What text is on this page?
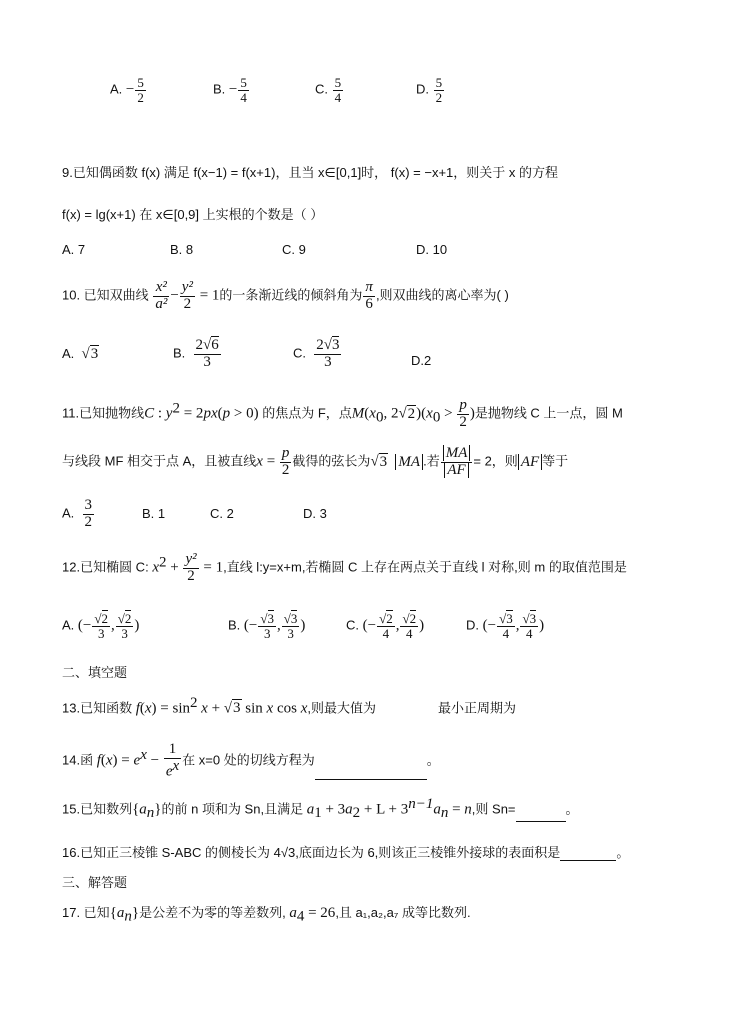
A. − $\frac{5}{2}$	B. − $\frac{5}{4}$	C. $\frac{5}{4}$	D. $\frac{5}{2}$
9.已知偶函数 f(x) 满足 f(x−1) = f(x+1)，且当 x∈[0,1]时， f(x) = −x+1，则关于 x 的方程
f(x) = lg(x+1) 在 x∈[0,9] 上实根的个数是（ ）
A. 7	B. 8	C. 9	D. 10
10. 已知双曲线 $\frac{\text{x²}}{\text{a²}} - \frac{\text{y²}}{2} = 1$的一条渐近线的倾斜角为 $\frac{\pi}{6}$ ,则双曲线的离心率为( )
A. √3	B. $\frac{2√6}{3}$	C. $\frac{2√3}{3}$	D.2
11.已知抛物线C : $y^2 = 2px(p > 0)$ 的焦点为 F，点$M(x_0$, $2√2)(x_0 > \frac{p}{2}$ )是抛物线 C 上一点，圆 M
与线段 MF 相交于点 A，且被直线$x = \frac{p}{2}$ 截得的弦长为√3 MA .若 $\frac{MA}{AF} = 2$，则 AF 等于
A. $\frac{3}{2}$	B. 1	C. 2	D. 3
12.已知椭圆 C: $x^2 + \frac{\text{y²}}{2} = 1$,直线 l:y=x+m,若椭圆 C 上存在两点关于直线 l 对称,则 m 的取值范围是
A. (− $\frac{√2}{3}$ , $\frac{√2}{3}$ )	B. (− $\frac{√3}{3}$ , $\frac{√3}{3}$ )	C. (− $\frac{√2}{4}$ , $\frac{√2}{4}$ )	D. (− $\frac{√3}{4}$ , $\frac{√3}{4}$ )
二、填空题
13.已知函数 $f(x) = \sin^2 x + √3$ sin x cos x,则最大值为	最小正周期为
14.函 $f(x) = e^x - \frac{1}{e^x}$ 在 x=0 处的切线方程为	。
15.已知数列$\{a_n\}$的前 n 项和为 Sn,且满足 $a_1 + 3a_2 + L + 3^{n-1}a_n = n$,则 Sn=	。
16.已知正三棱锥 S-ABC 的侧棱长为 4√3,底面边长为 6,则该正三棱锥外接球的表面积是	。
三、解答题
17. 已知$\{a_n\}$是公差不为零的等差数列, $a_4 = 26$,且 a₁,a₂,a₇ 成等比数列.
